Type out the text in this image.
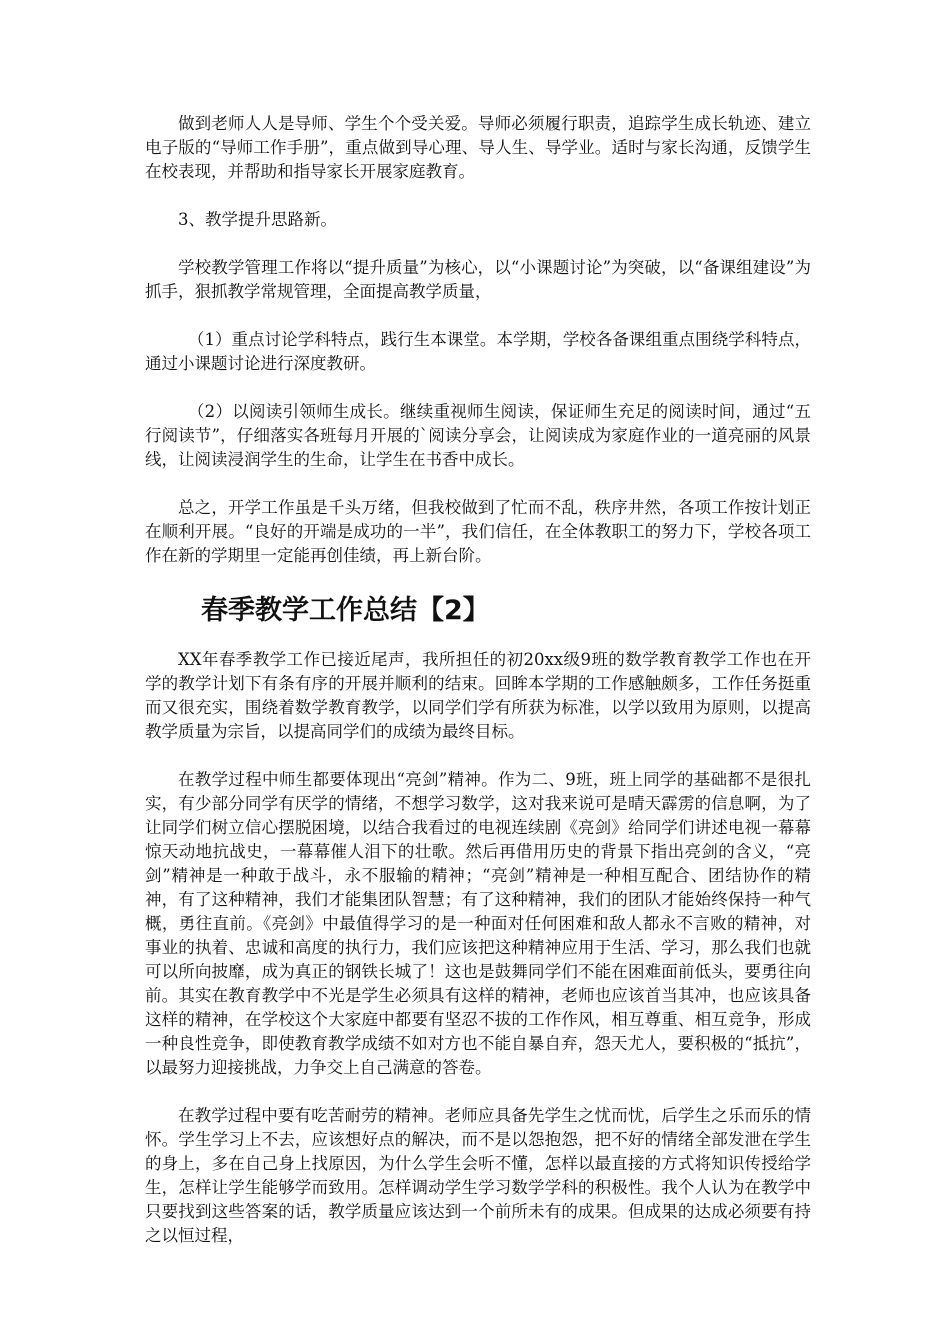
做到老师人人是导师、学生个个受关爱。导师必须履行职责，追踪学生成长轨迹、建立电子版的“导师工作手册”，重点做到导心理、导人生、导学业。适时与家长沟通，反馈学生在校表现，并帮助和指导家长开展家庭教育。

3、教学提升思路新。

学校教学管理工作将以“提升质量”为核心，以“小课题讨论”为突破，以“备课组建设”为抓手，狠抓教学常规管理，全面提高教学质量，

（1）重点讨论学科特点，践行生本课堂。本学期，学校各备课组重点围绕学科特点，通过小课题讨论进行深度教研。

（2）以阅读引领师生成长。继续重视师生阅读，保证师生充足的阅读时间，通过“五行阅读节”，仔细落实各班每月开展的`阅读分享会，让阅读成为家庭作业的一道亮丽的风景线，让阅读浸润学生的生命，让学生在书香中成长。

总之，开学工作虽是千头万绪，但我校做到了忙而不乱，秩序井然，各项工作按计划正在顺利开展。“良好的开端是成功的一半”，我们信任，在全体教职工的努力下，学校各项工作在新的学期里一定能再创佳绩，再上新台阶。

春季教学工作总结【2】

XX年春季教学工作已接近尾声，我所担任的初20xx级9班的数学教育教学工作也在开学的教学计划下有条有序的开展并顺利的结束。回眸本学期的工作感触颇多，工作任务挺重而又很充实，围绕着数学教育教学，以同学们学有所获为标准，以学以致用为原则，以提高教学质量为宗旨，以提高同学们的成绩为最终目标。

在教学过程中师生都要体现出“亮剑”精神。作为二、9班，班上同学的基础都不是很扎实，有少部分同学有厌学的情绪，不想学习数学，这对我来说可是晴天霹雳的信息啊，为了让同学们树立信心摆脱困境，以结合我看过的电视连续剧《亮剑》给同学们讲述电视一幕幕惊天动地抗战史，一幕幕催人泪下的壮歌。然后再借用历史的背景下指出亮剑的含义，“亮剑”精神是一种敢于战斗，永不服输的精神；“亮剑”精神是一种相互配合、团结协作的精神，有了这种精神，我们才能集团队智慧；有了这种精神，我们的团队才能始终保持一种气概，勇往直前。《亮剑》中最值得学习的是一种面对任何困难和敌人都永不言败的精神，对事业的执着、忠诚和高度的执行力，我们应该把这种精神应用于生活、学习，那么我们也就可以所向披靡，成为真正的钢铁长城了！这也是鼓舞同学们不能在困难面前低头，要勇往向前。其实在教育教学中不光是学生必须具有这样的精神，老师也应该首当其冲，也应该具备这样的精神，在学校这个大家庭中都要有坚忍不拔的工作作风，相互尊重、相互竞争，形成一种良性竞争，即使教育教学成绩不如对方也不能自暴自弃，怨天尤人，要积极的“抵抗”，以最努力迎接挑战，力争交上自己满意的答卷。

在教学过程中要有吃苦耐劳的精神。老师应具备先学生之忧而忧，后学生之乐而乐的情怀。学生学习上不去，应该想好点的解决，而不是以怨抱怨，把不好的情绪全部发泄在学生的身上，多在自己身上找原因，为什么学生会听不懂，怎样以最直接的方式将知识传授给学生，怎样让学生能够学而致用。怎样调动学生学习数学学科的积极性。我个人认为在教学中只要找到这些答案的话，教学质量应该达到一个前所未有的成果。但成果的达成必须要有持之以恒过程，
